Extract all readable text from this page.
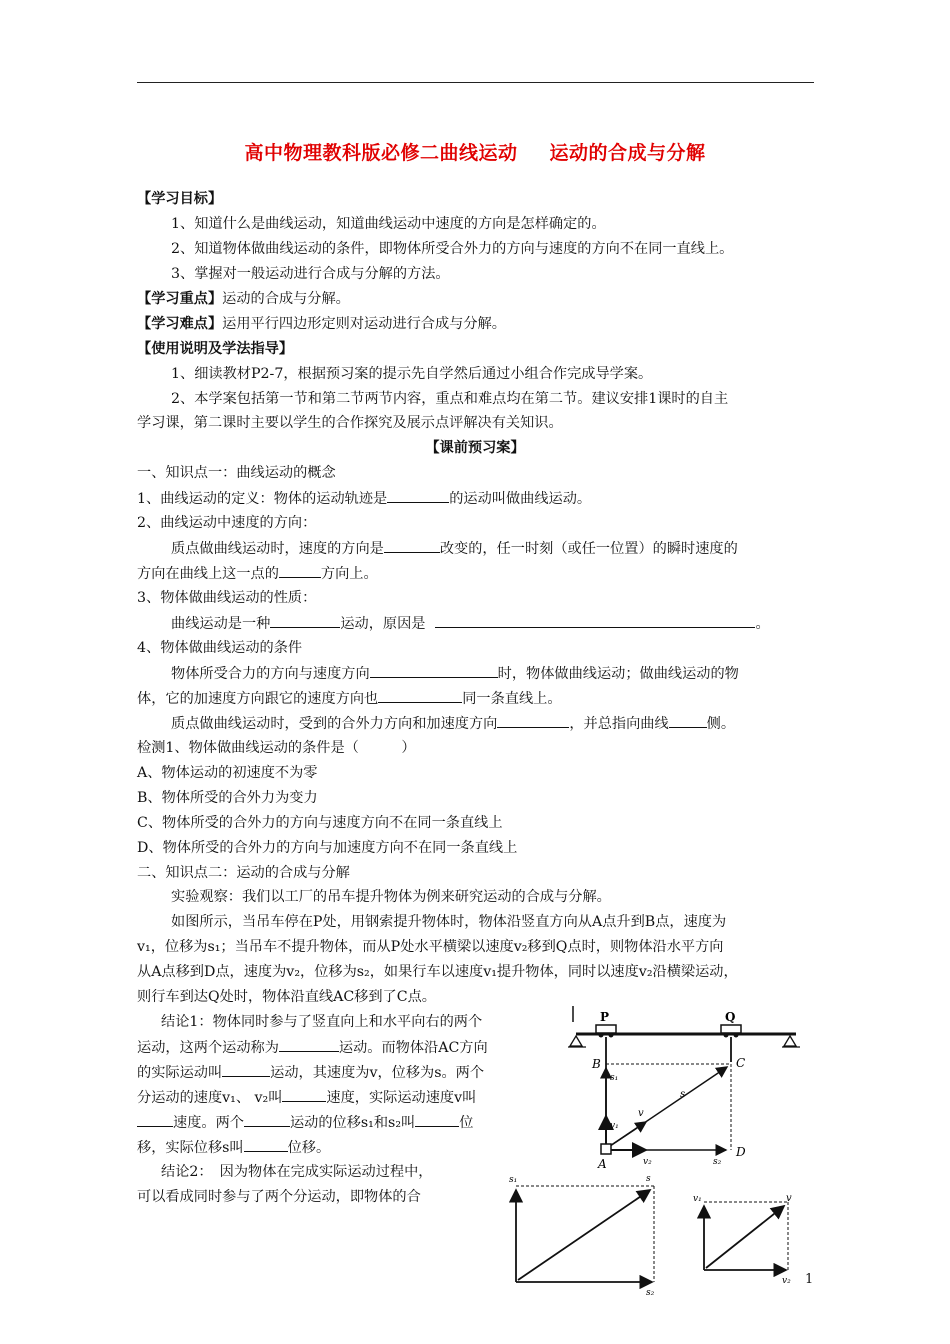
高中物理教科版必修二曲线运动 运动的合成与分解
【学习目标】
1、知道什么是曲线运动，知道曲线运动中速度的方向是怎样确定的。
2、知道物体做曲线运动的条件，即物体所受合外力的方向与速度的方向不在同一直线上。
3、掌握对一般运动进行合成与分解的方法。
【学习重点】运动的合成与分解。
【学习难点】运用平行四边形定则对运动进行合成与分解。
【使用说明及学法指导】
1、细读教材P2-7，根据预习案的提示先自学然后通过小组合作完成导学案。
2、本学案包括第一节和第二节两节内容，重点和难点均在第二节。建议安排1课时的自主
学习课，第二课时主要以学生的合作探究及展示点评解决有关知识。
【课前预习案】
一、知识点一：曲线运动的概念
1、曲线运动的定义：物体的运动轨迹是	的运动叫做曲线运动。
2、曲线运动中速度的方向：
质点做曲线运动时，速度的方向是	改变的，任一时刻（或任一位置）的瞬时速度的
方向在曲线上这一点的	方向上。
3、物体做曲线运动的性质：
曲线运动是一种	运动，原因是	。
4、物体做曲线运动的条件
物体所受合力的方向与速度方向	时，物体做曲线运动；做曲线运动的物
体，它的加速度方向跟它的速度方向也	同一条直线上。
质点做曲线运动时，受到的合外力方向和加速度方向	，并总指向曲线	侧。
检测1、物体做曲线运动的条件是（　　　）
A、物体运动的初速度不为零
B、物体所受的合外力为变力
C、物体所受的合外力的方向与速度方向不在同一条直线上
D、物体所受的合外力的方向与加速度方向不在同一条直线上
二、知识点二：运动的合成与分解
实验观察：我们以工厂的吊车提升物体为例来研究运动的合成与分解。
如图所示，当吊车停在P处，用钢索提升物体时，物体沿竖直方向从A点升到B点，速度为
v₁，位移为s₁；当吊车不提升物体，而从P处水平横梁以速度v₂移到Q点时，则物体沿水平方向
从A点移到D点，速度为v₂，位移为s₂，如果行车以速度v₁提升物体，同时以速度v₂沿横梁运动，
则行车到达Q处时，物体沿直线AC移到了C点。
结论1：物体同时参与了竖直向上和水平向右的两个
运动，这两个运动称为	运动。而物体沿AC方向
的实际运动叫	运动，其速度为v，位移为s。两个
分运动的速度v₁、 v₂叫	速度，实际运动速度v叫
速度。两个	运动的位移s₁和s₂叫	位
移，实际位移s叫	位移。
结论2：　因为物体在完成实际运动过程中，
可以看成同时参与了两个分运动，即物体的合
P	Q
B	C
A
D
s₁
s
v
v₁
v₂	s₂
s₁	s
s₂
v₁	v
v₂ 1
